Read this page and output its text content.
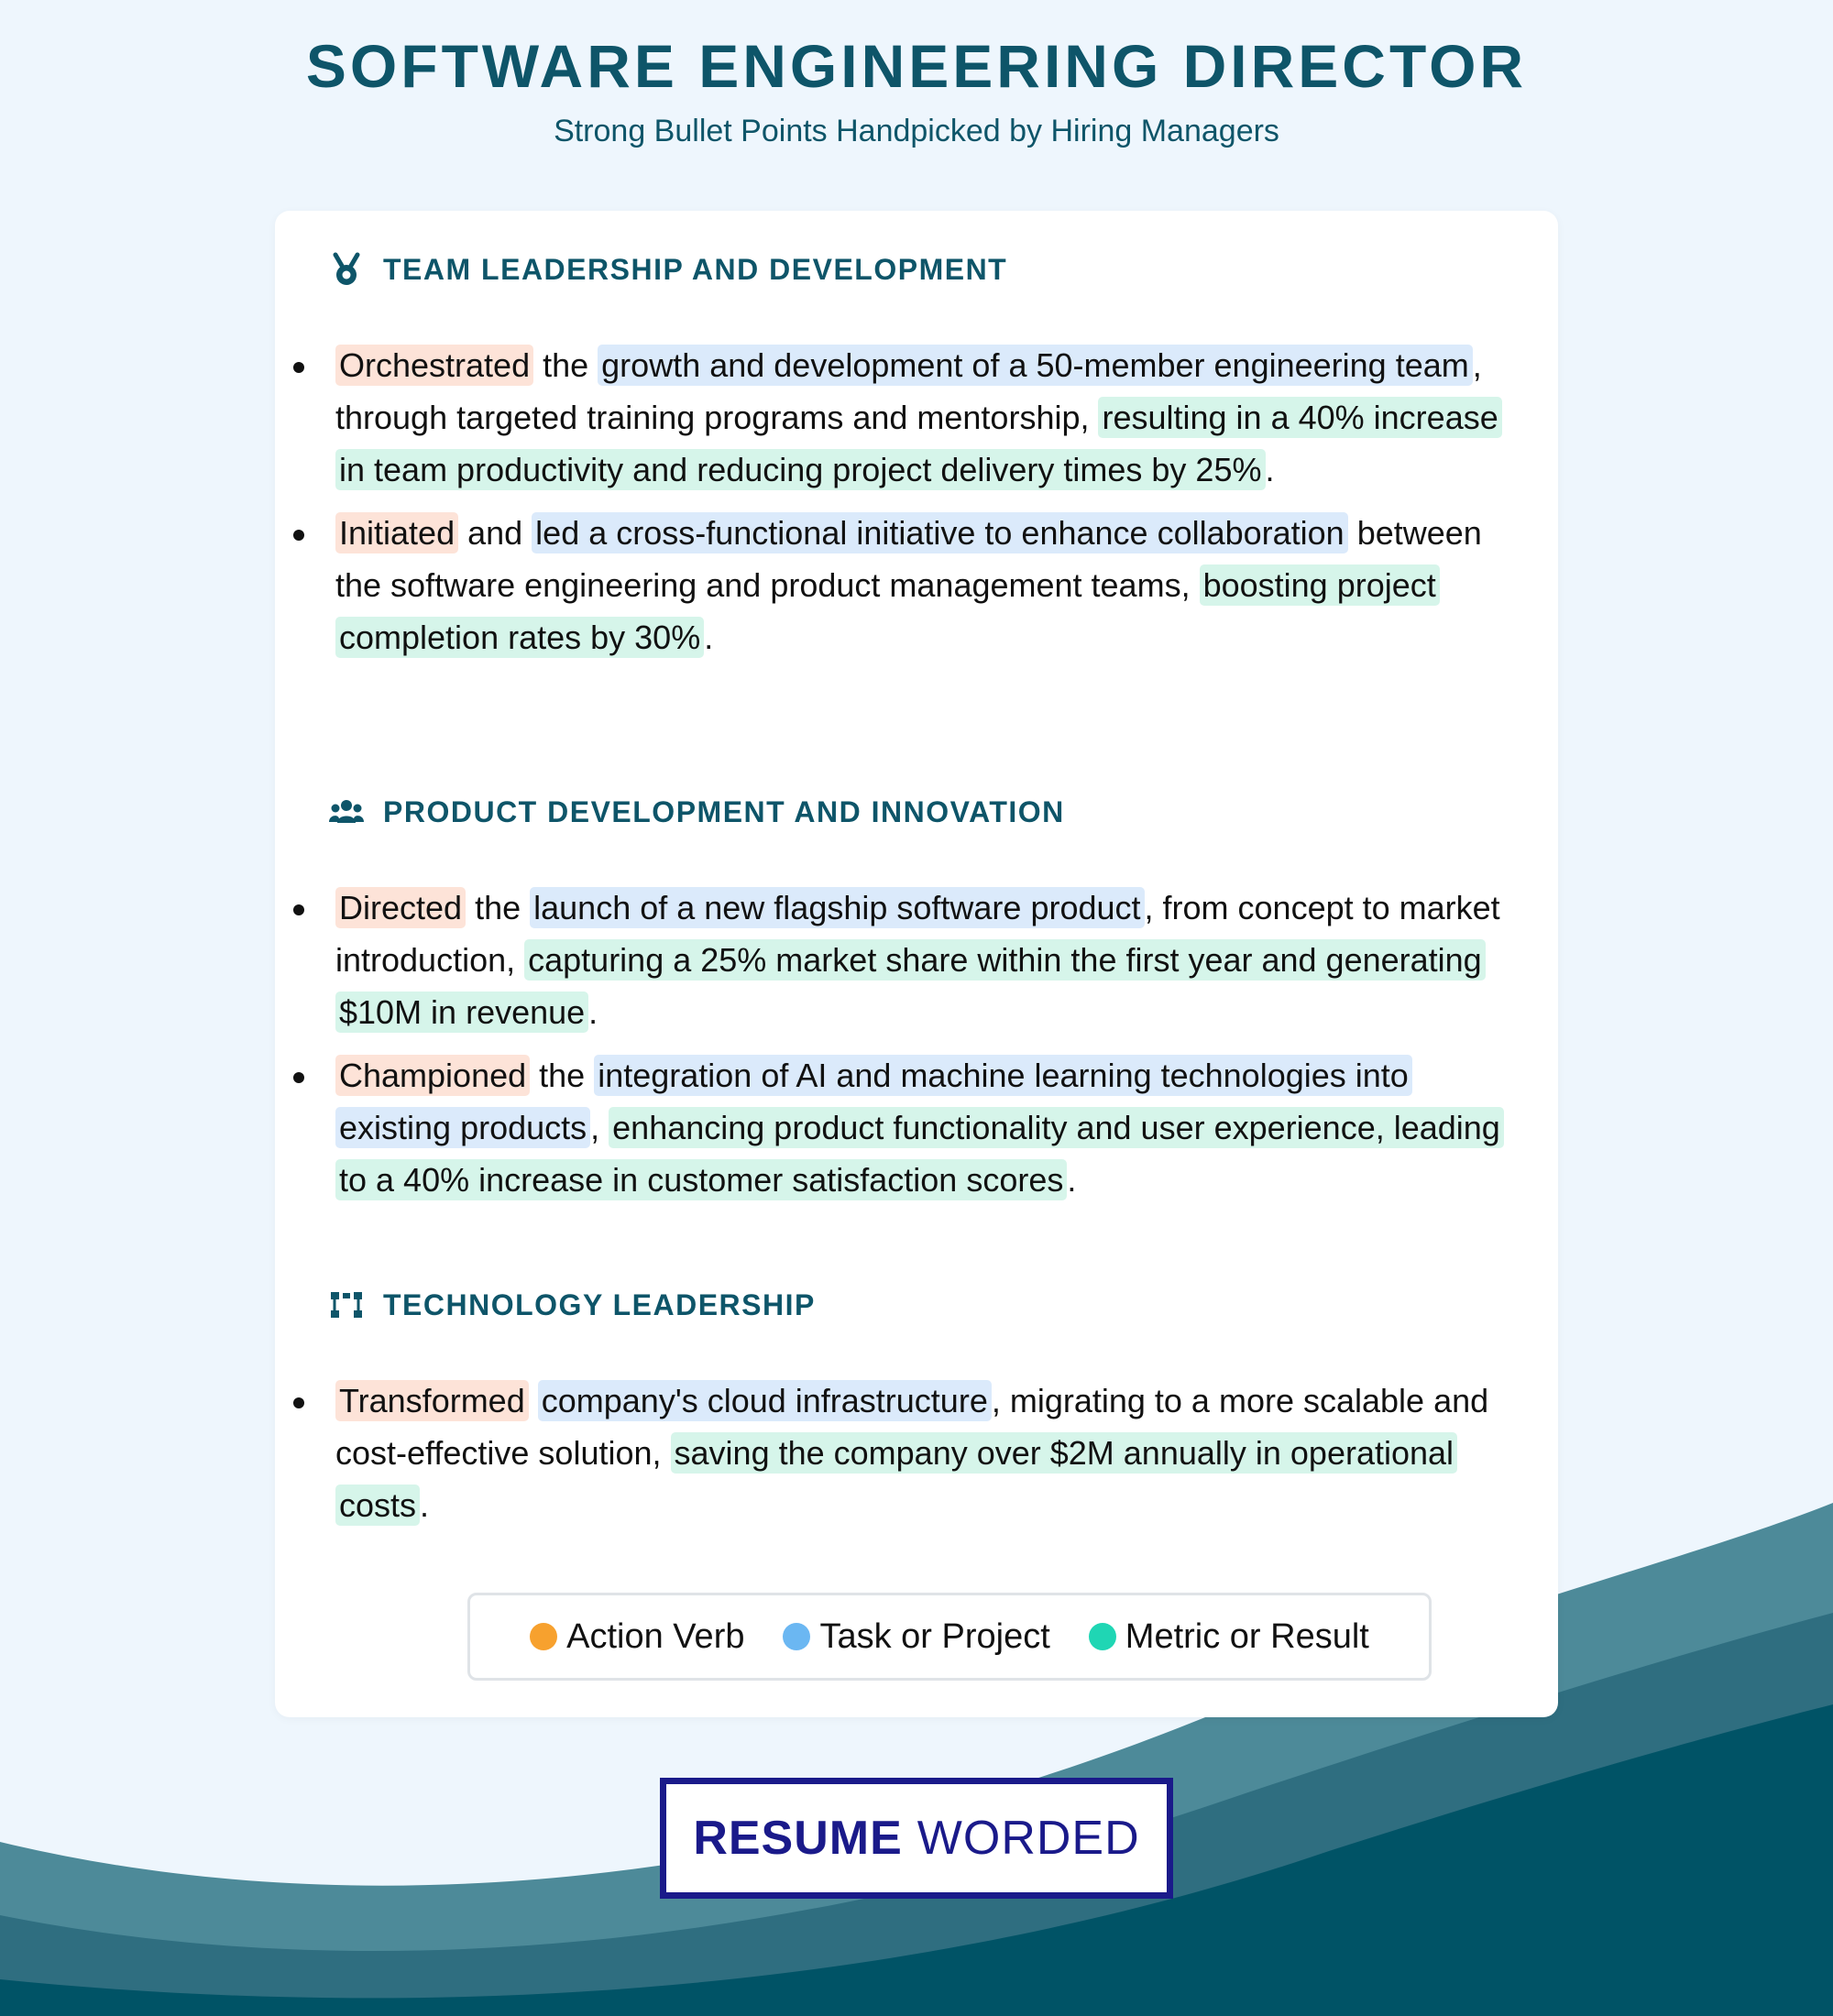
SOFTWARE ENGINEERING DIRECTOR
Strong Bullet Points Handpicked by Hiring Managers
TEAM LEADERSHIP AND DEVELOPMENT
Orchestrated the growth and development of a 50-member engineering team , through targeted training programs and mentorship, resulting in a 40% increase in team productivity and reducing project delivery times by 25% .
Initiated and led a cross-functional initiative to enhance collaboration between the software engineering and product management teams, boosting project completion rates by 30% .
PRODUCT DEVELOPMENT AND INNOVATION
Directed the launch of a new flagship software product , from concept to market introduction, capturing a 25% market share within the first year and generating $10M in revenue .
Championed the integration of AI and machine learning technologies into existing products , enhancing product functionality and user experience, leading to a 40% increase in customer satisfaction scores .
TECHNOLOGY LEADERSHIP
Transformed company's cloud infrastructure , migrating to a more scalable and cost-effective solution, saving the company over $2M annually in operational costs .
Action Verb Task or Project Metric or Result
RESUME WORDED
